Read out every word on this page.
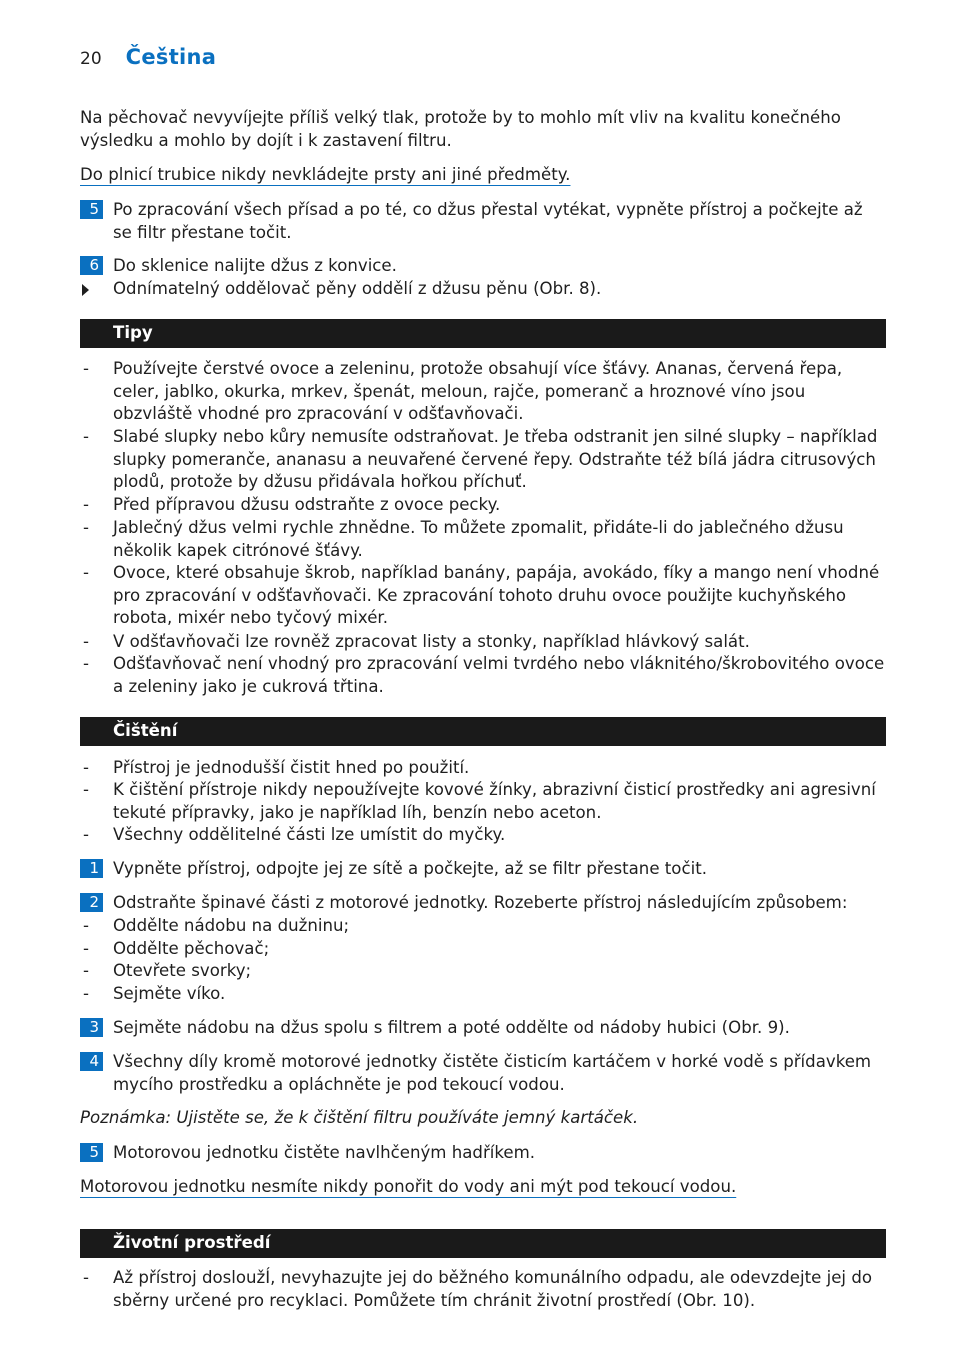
20 Čeština

Na pěchovač nevyvíjejte příliš velký tlak, protože by to mohlo mít vliv na kvalitu konečného výsledku a mohlo by dojít i k zastavení filtru.

Do plnicí trubice nikdy nevkládejte prsty ani jiné předměty.

5 Po zpracování všech přísad a po té, co džus přestal vytékat, vypněte přístroj a počkejte až se filtr přestane točit.
6 Do sklenice nalijte džus z konvice.
Odnímatelný oddělovač pěny oddělí z džusu pěnu (Obr. 8).
Tipy
- Používejte čerstvé ovoce a zeleninu, protože obsahují více šťávy. Ananas, červená řepa, celer, jablko, okurka, mrkev, špenát, meloun, rajče, pomeranč a hroznové víno jsou obzvláště vhodné pro zpracování v odšťavňovači.
- Slabé slupky nebo kůry nemusíte odstraňovat. Je třeba odstranit jen silné slupky – například slupky pomeranče, ananasu a neuvařené červené řepy. Odstraňte též bílá jádra citrusových plodů, protože by džusu přidávala hořkou příchuť.
- Před přípravou džusu odstraňte z ovoce pecky.
- Jablečný džus velmi rychle zhnědne. To můžete zpomalit, přidáte-li do jablečného džusu několik kapek citrónové šťávy.
- Ovoce, které obsahuje škrob, například banány, papája, avokádo, fíky a mango není vhodné pro zpracování v odšťavňovači. Ke zpracování tohoto druhu ovoce použijte kuchyňského robota, mixér nebo tyčový mixér.
- V odšťavňovači lze rovněž zpracovat listy a stonky, například hlávkový salát.
- Odšťavňovač není vhodný pro zpracování velmi tvrdého nebo vláknitého/škrobovitého ovoce a zeleniny jako je cukrová třtina.
Čištění
- Přístroj je jednodušší čistit hned po použití.
- K čištění přístroje nikdy nepoužívejte kovové žínky, abrazivní čisticí prostředky ani agresivní tekuté přípravky, jako je například líh, benzín nebo aceton.
- Všechny oddělitelné části lze umístit do myčky.
1 Vypněte přístroj, odpojte jej ze sítě a počkejte, až se filtr přestane točit.
2 Odstraňte špinavé části z motorové jednotky. Rozeberte přístroj následujícím způsobem:
- Oddělte nádobu na dužninu;
- Oddělte pěchovač;
- Otevřete svorky;
- Sejměte víko.
3 Sejměte nádobu na džus spolu s filtrem a poté oddělte od nádoby hubici (Obr. 9).
4 Všechny díly kromě motorové jednotky čistěte čisticím kartáčem v horké vodě s přídavkem mycího prostředku a opláchněte je pod tekoucí vodou.
Poznámka: Ujistěte se, že k čištění filtru používáte jemný kartáček.
5 Motorovou jednotku čistěte navlhčeným hadříkem.

Motorovou jednotku nesmíte nikdy ponořit do vody ani mýt pod tekoucí vodou.

Životní prostředí
- Až přístroj dosloužÍ, nevyhazujte jej do běžného komunálního odpadu, ale odevzdejte jej do sběrny určené pro recyklaci. Pomůžete tím chránit životní prostředí (Obr. 10).
